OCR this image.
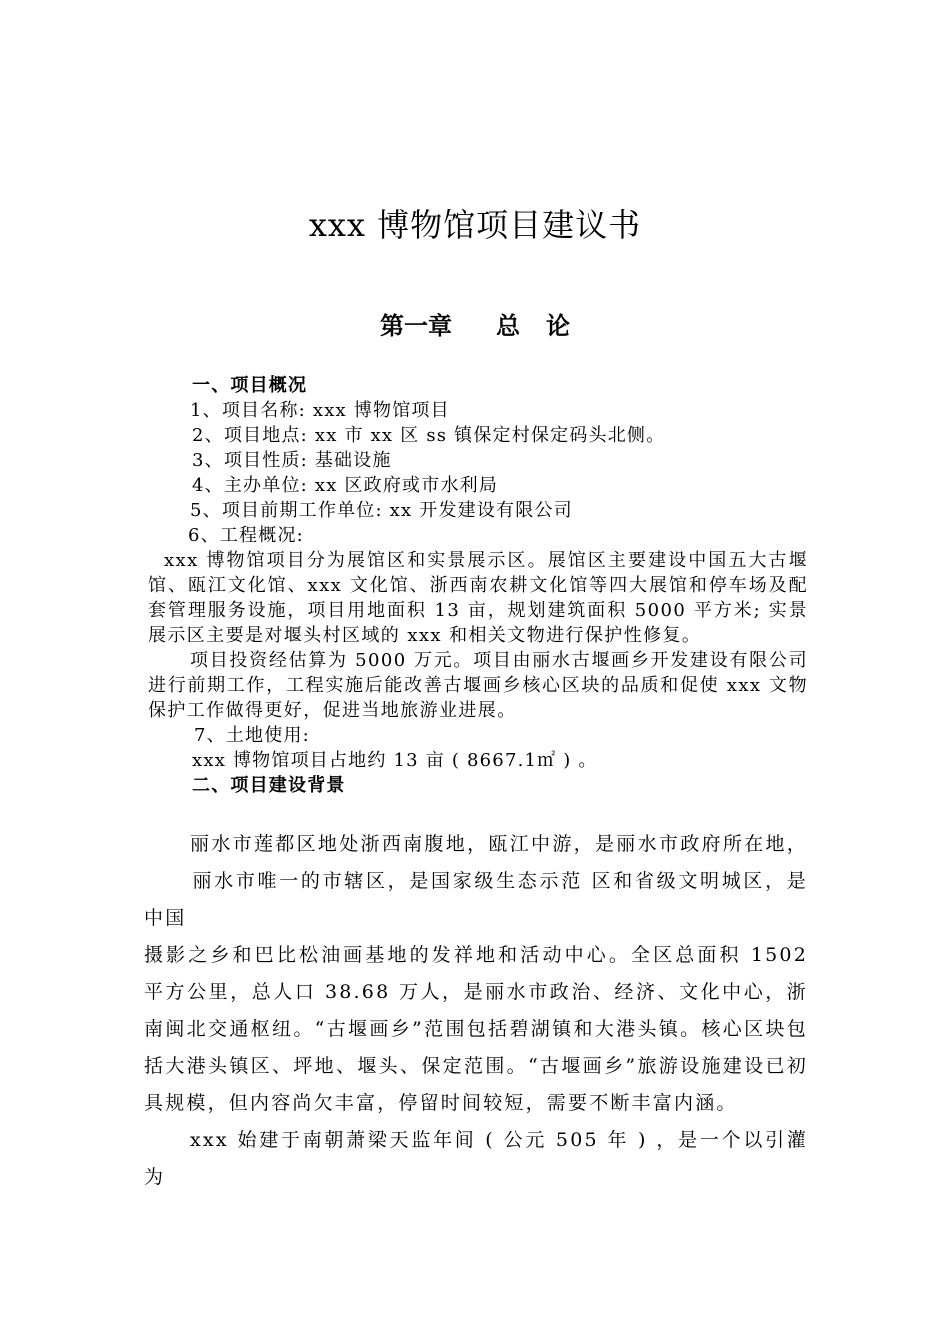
xxx 博物馆项目建议书
第一章 总 论

一、项目概况

1、项目名称: xxx 博物馆项目

2、项目地点: xx 市 xx 区 ss 镇保定村保定码头北侧。

3、项目性质: 基础设施

4、主办单位: xx 区政府或市水利局

5、项目前期工作单位: xx 开发建设有限公司

6、工程概况:

xxx 博物馆项目分为展馆区和实景展示区。展馆区主要建设中国五大古堰馆、瓯江文化馆、xxx 文化馆、浙西南农耕文化馆等四大展馆和停车场及配套管理服务设施，项目用地面积 13 亩，规划建筑面积 5000 平方米; 实景展示区主要是对堰头村区域的 xxx 和相关文物进行保护性修复。

项目投资经估算为 5000 万元。项目由丽水古堰画乡开发建设有限公司进行前期工作，工程实施后能改善古堰画乡核心区块的品质和促使 xxx 文物保护工作做得更好，促进当地旅游业进展。

7、土地使用:

xxx 博物馆项目占地约 13 亩 ( 8667.1㎡ ) 。

二、项目建设背景

丽水市莲都区地处浙西南腹地，瓯江中游，是丽水市政府所在地，丽水市唯一的市辖区，是国家级生态示范 区和省级文明城区，是中国

摄影之乡和巴比松油画基地的发祥地和活动中心。全区总面积 1502 平方公里，总人口 38.68 万人，是丽水市政治、经济、文化中心，浙南闽北交通枢纽。“古堰画乡”范围包括碧湖镇和大港头镇。核心区块包括大港头镇区、坪地、堰头、保定范围。“古堰画乡”旅游设施建设已初具规模，但内容尚欠丰富，停留时间较短，需要不断丰富内涵。

xxx 始建于南朝萧梁天监年间 ( 公元 505 年 ) ，是一个以引灌为
